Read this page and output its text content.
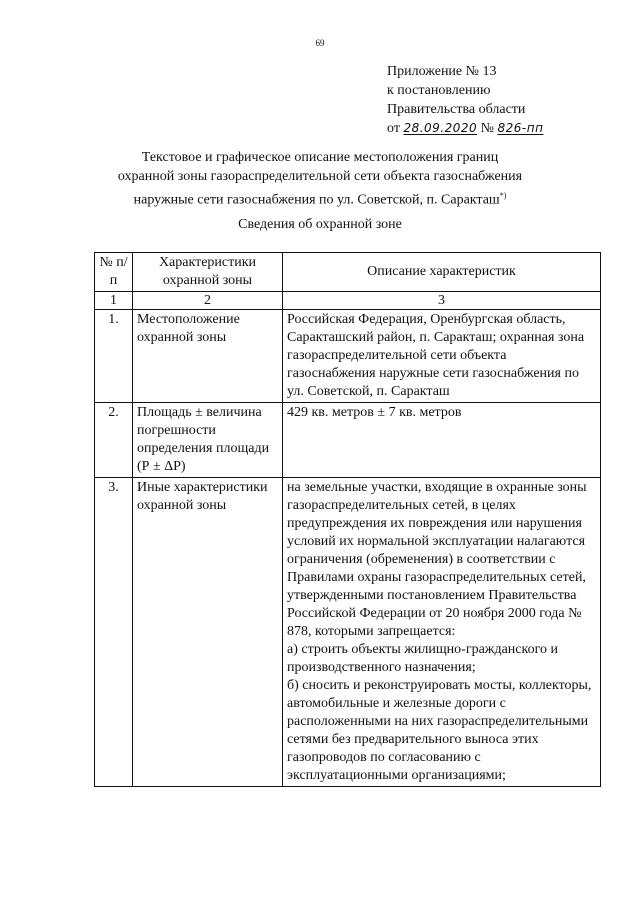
69
Приложение № 13
к постановлению
Правительства области
от 28.09.2020 № 826-пп
Текстовое и графическое описание местоположения границ
охранной зоны газораспределительной сети объекта газоснабжения
наружные сети газоснабжения по ул. Советской, п. Саракташ*)
Сведения об охранной зоне
№ п/п	Характеристики охранной зоны	Описание характеристик
1	2	3
1.	Местоположение охранной зоны	Российская Федерация, Оренбургская область, Саракташский район, п. Саракташ; охранная зона газораспределительной сети объекта газоснабжения наружные сети газоснабжения по ул. Советской, п. Саракташ
2.	Площадь ± величина погрешности определения площади (Р ± ΔР)	429 кв. метров ± 7 кв. метров
3.	Иные характеристики охранной зоны	на земельные участки, входящие в охранные зоны газораспределительных сетей, в целях предупреждения их повреждения или нарушения условий их нормальной эксплуатации налагаются ограничения (обременения) в соответствии с Правилами охраны газораспределительных сетей, утвержденными постановлением Правительства Российской Федерации от 20 ноября 2000 года № 878, которыми запрещается:
а) строить объекты жилищно-гражданского и производственного назначения;
б) сносить и реконструировать мосты, коллекторы, автомобильные и железные дороги с расположенными на них газораспределительными сетями без предварительного выноса этих газопроводов по согласованию с эксплуатационными организациями;
